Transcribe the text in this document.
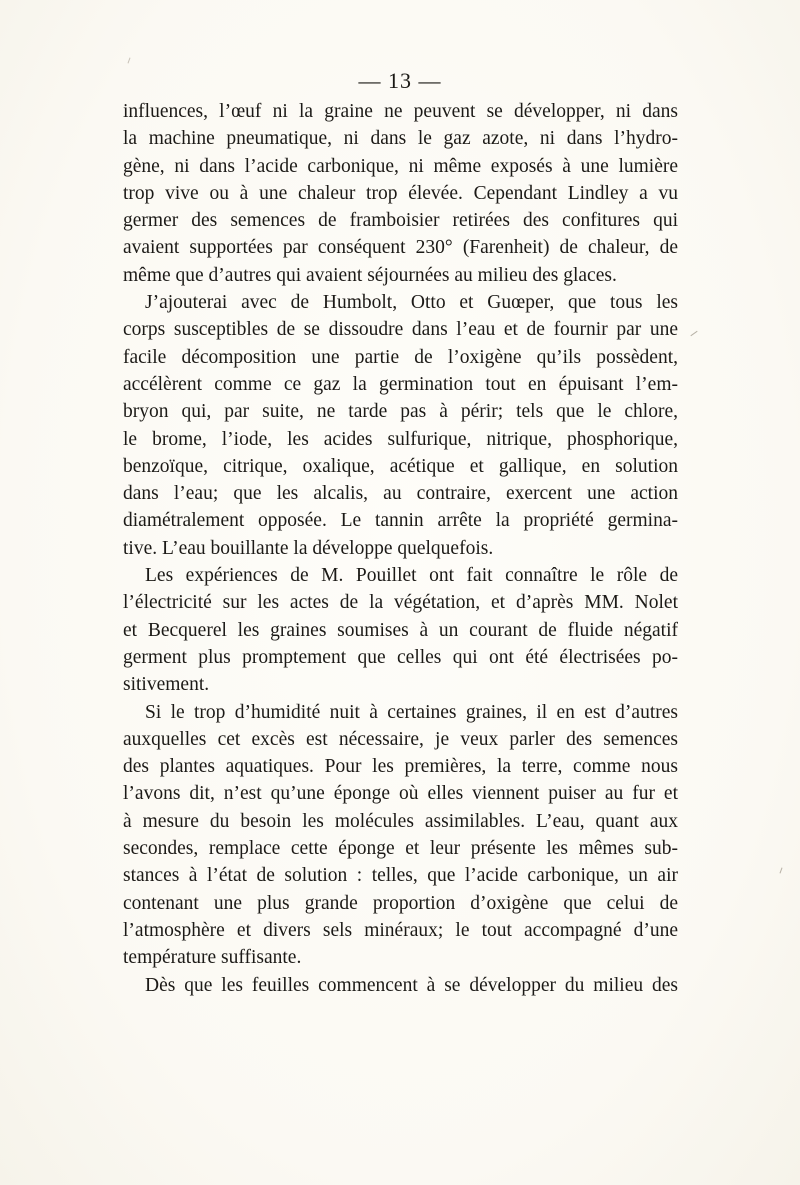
— 13 —
influences, l’œuf ni la graine ne peuvent se développer, ni dans
la machine pneumatique, ni dans le gaz azote, ni dans l’hydro-
gène, ni dans l’acide carbonique, ni même exposés à une lumière
trop vive ou à une chaleur trop élevée. Cependant Lindley a vu
germer des semences de framboisier retirées des confitures qui
avaient supportées par conséquent 230° (Farenheit) de chaleur, de
même que d’autres qui avaient séjournées au milieu des glaces.
J’ajouterai avec de Humbolt, Otto et Guœper, que tous les
corps susceptibles de se dissoudre dans l’eau et de fournir par une
facile décomposition une partie de l’oxigène qu’ils possèdent,
accélèrent comme ce gaz la germination tout en épuisant l’em-
bryon qui, par suite, ne tarde pas à périr; tels que le chlore,
le brome, l’iode, les acides sulfurique, nitrique, phosphorique,
benzoïque, citrique, oxalique, acétique et gallique, en solution
dans l’eau; que les alcalis, au contraire, exercent une action
diamétralement opposée. Le tannin arrête la propriété germina-
tive. L’eau bouillante la développe quelquefois.
Les expériences de M. Pouillet ont fait connaître le rôle de
l’électricité sur les actes de la végétation, et d’après MM. Nolet
et Becquerel les graines soumises à un courant de fluide négatif
germent plus promptement que celles qui ont été électrisées po-
sitivement.
Si le trop d’humidité nuit à certaines graines, il en est d’autres
auxquelles cet excès est nécessaire, je veux parler des semences
des plantes aquatiques. Pour les premières, la terre, comme nous
l’avons dit, n’est qu’une éponge où elles viennent puiser au fur et
à mesure du besoin les molécules assimilables. L’eau, quant aux
secondes, remplace cette éponge et leur présente les mêmes sub-
stances à l’état de solution : telles, que l’acide carbonique, un air
contenant une plus grande proportion d’oxigène que celui de
l’atmosphère et divers sels minéraux; le tout accompagné d’une
température suffisante.
Dès que les feuilles commencent à se développer du milieu des
